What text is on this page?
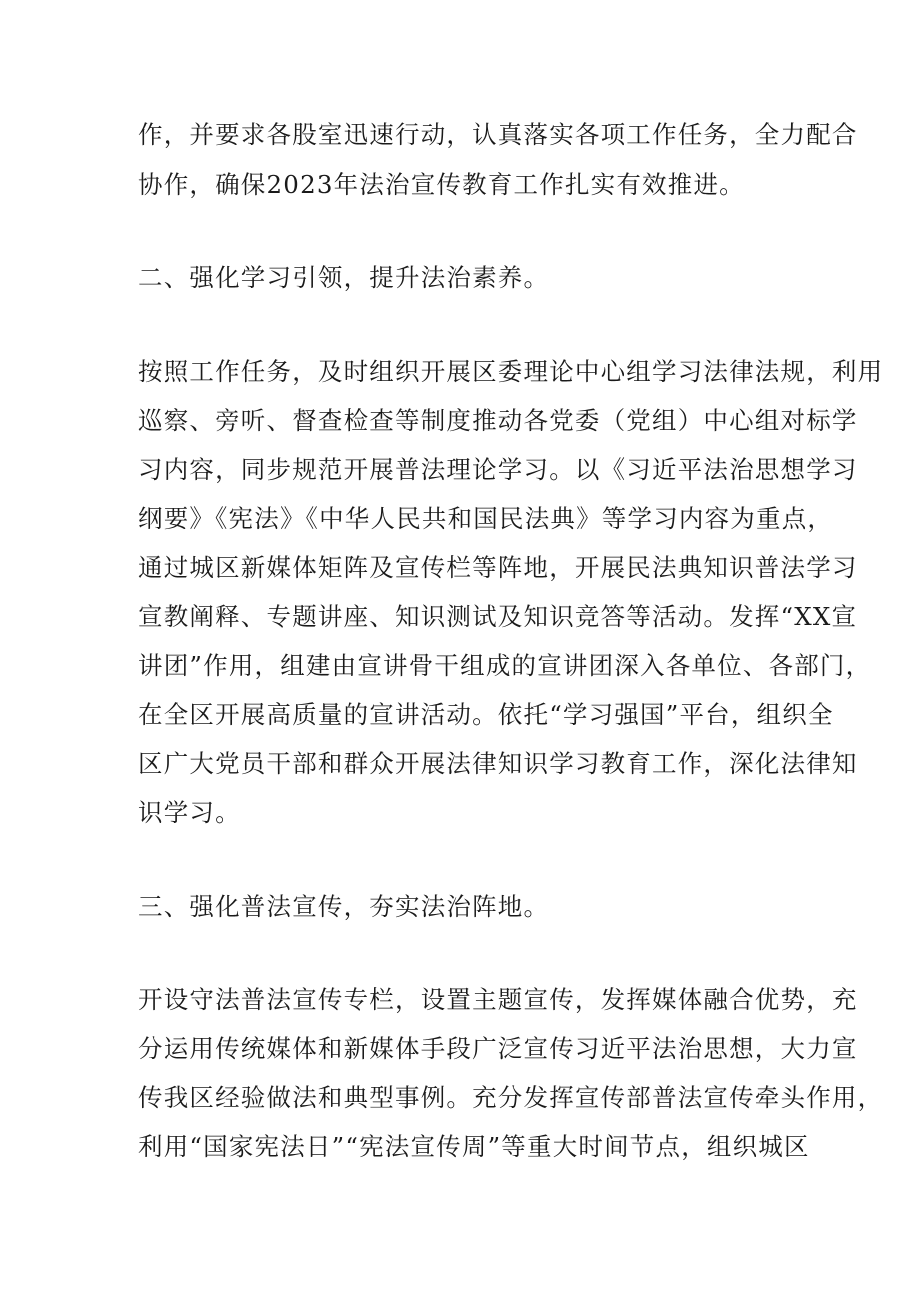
作，并要求各股室迅速行动，认真落实各项工作任务，全力配合
协作，确保2023年法治宣传教育工作扎实有效推进。
二、强化学习引领，提升法治素养。
按照工作任务，及时组织开展区委理论中心组学习法律法规，利用
巡察、旁听、督查检查等制度推动各党委（党组）中心组对标学
习内容，同步规范开展普法理论学习。以《习近平法治思想学习
纲要》《宪法》《中华人民共和国民法典》等学习内容为重点，
通过城区新媒体矩阵及宣传栏等阵地，开展民法典知识普法学习
宣教阐释、专题讲座、知识测试及知识竞答等活动。发挥“XX宣
讲团”作用，组建由宣讲骨干组成的宣讲团深入各单位、各部门，
在全区开展高质量的宣讲活动。依托“学习强国”平台，组织全
区广大党员干部和群众开展法律知识学习教育工作，深化法律知
识学习。
三、强化普法宣传，夯实法治阵地。
开设守法普法宣传专栏，设置主题宣传，发挥媒体融合优势，充
分运用传统媒体和新媒体手段广泛宣传习近平法治思想，大力宣
传我区经验做法和典型事例。充分发挥宣传部普法宣传牵头作用，
利用“国家宪法日”“宪法宣传周”等重大时间节点，组织城区
